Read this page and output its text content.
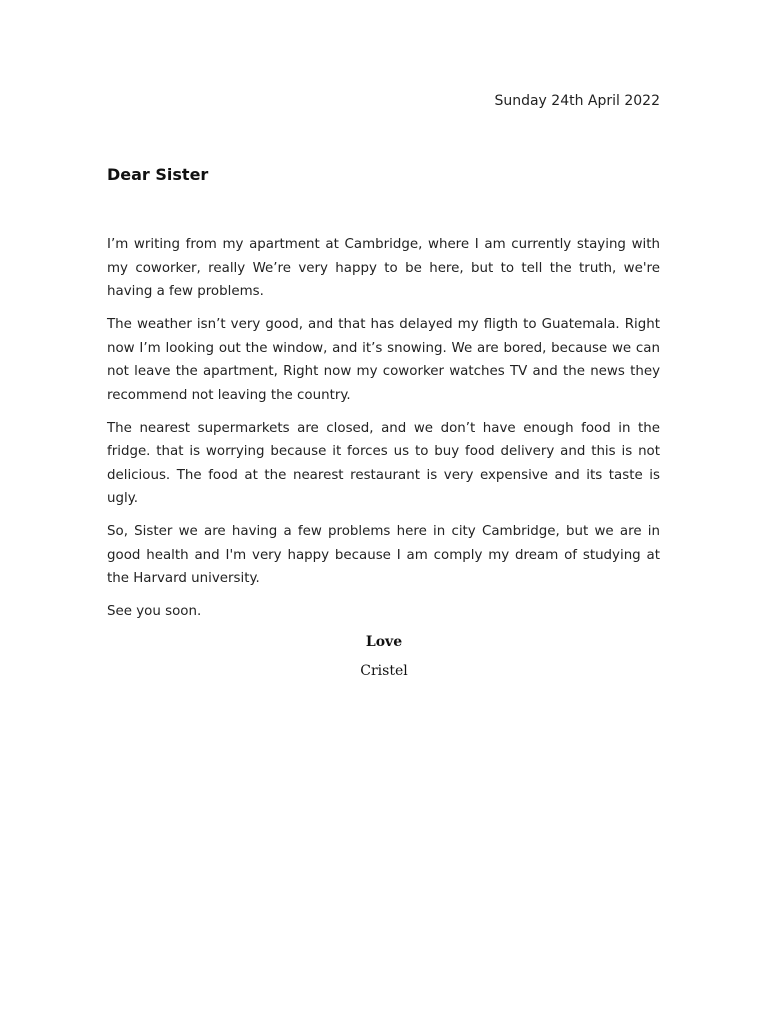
Sunday 24th April 2022
Dear Sister

I’m writing from my apartment at Cambridge, where I am currently staying with my coworker, really We’re very happy to be here, but to tell the truth, we're having a few problems.

The weather isn’t very good, and that has delayed my fligth to Guatemala. Right now I’m looking out the window, and it’s snowing. We are bored, because we can not leave the apartment, Right now my coworker watches TV and the news they recommend not leaving the country.

The nearest supermarkets are closed, and we don’t have enough food in the fridge. that is worrying because it forces us to buy food delivery and this is not delicious. The food at the nearest restaurant is very expensive and its taste is ugly.

So, Sister we are having a few problems here in city Cambridge, but we are in good health and I'm very happy because I am comply my dream of studying at the Harvard university.

See you soon.

Love
Cristel
